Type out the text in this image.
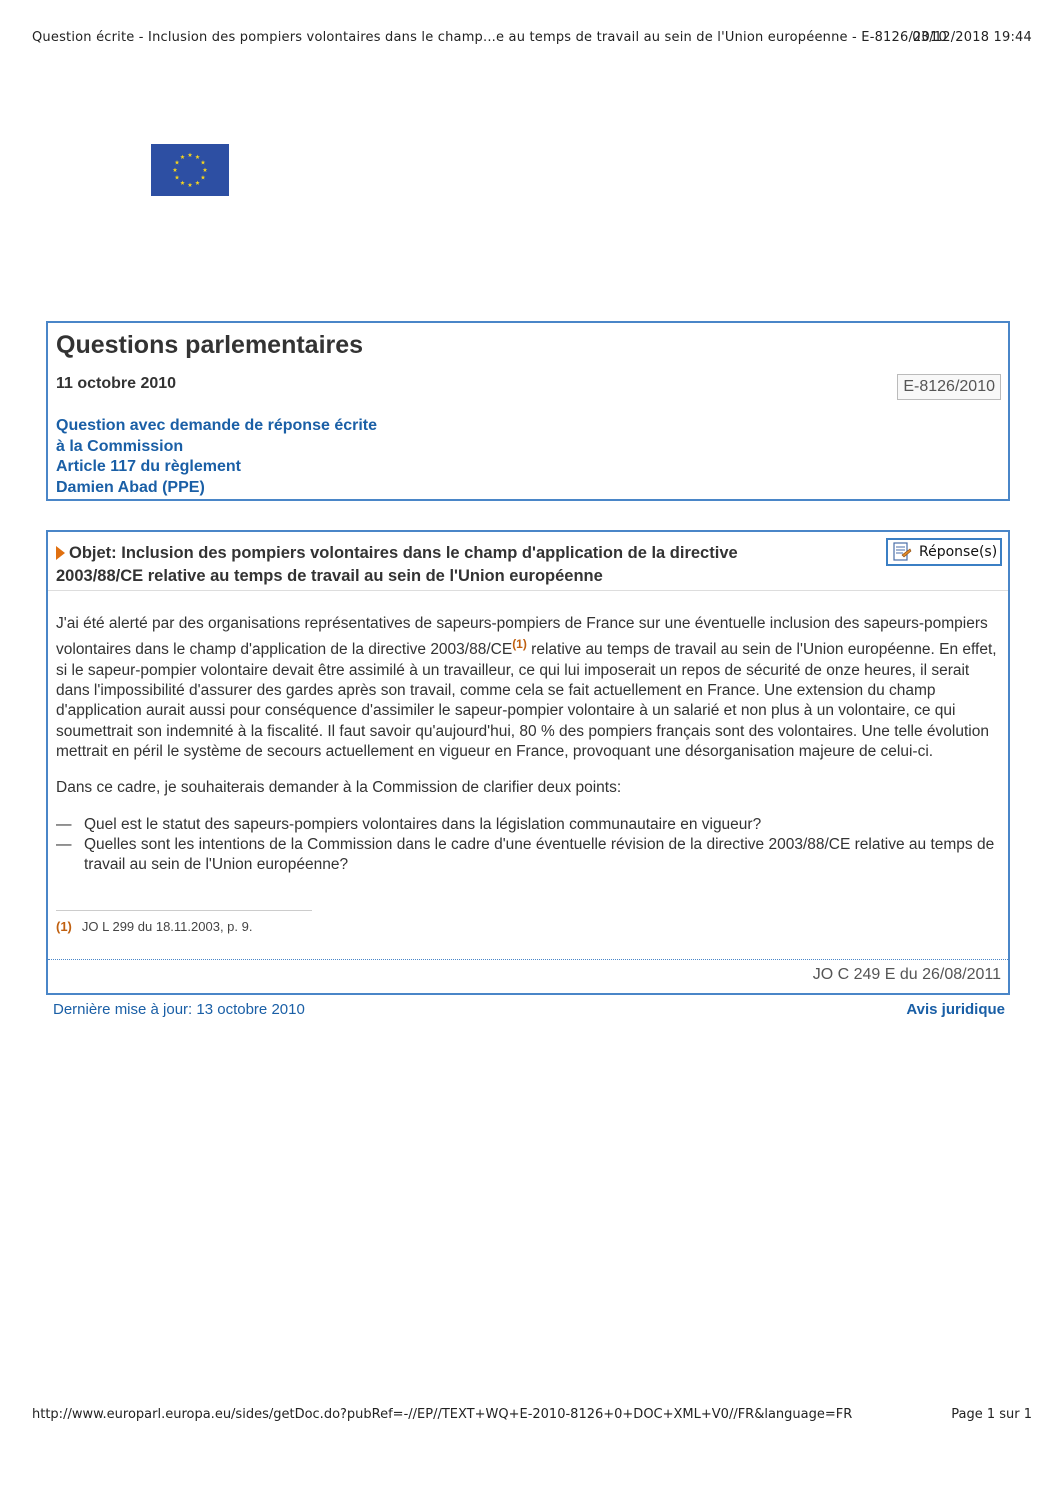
Question écrite - Inclusion des pompiers volontaires dans le champ...e au temps de travail au sein de l'Union européenne - E-8126/2010
03/12/2018 19:44
Questions parlementaires
11 octobre 2010	E-8126/2010
Question avec demande de réponse écrite
à la Commission
Article 117 du règlement
Damien Abad (PPE)
Objet: Inclusion des pompiers volontaires dans le champ d'application de la directive
2003/88/CE relative au temps de travail au sein de l'Union européenne
Réponse(s)

J'ai été alerté par des organisations représentatives de sapeurs-pompiers de France sur une éventuelle inclusion des sapeurs-pompiers volontaires dans le champ d'application de la directive 2003/88/CE$^{(1)}$ relative au temps de travail au sein de l'Union européenne. En effet, si le sapeur-pompier volontaire devait être assimilé à un travailleur, ce qui lui imposerait un repos de sécurité de onze heures, il serait dans l'impossibilité d'assurer des gardes après son travail, comme cela se fait actuellement en France. Une extension du champ d'application aurait aussi pour conséquence d'assimiler le sapeur-pompier volontaire à un salarié et non plus à un volontaire, ce qui soumettrait son indemnité à la fiscalité. Il faut savoir qu'aujourd'hui, 80 % des pompiers français sont des volontaires. Une telle évolution mettrait en péril le système de secours actuellement en vigueur en France, provoquant une désorganisation majeure de celui-ci.

Dans ce cadre, je souhaiterais demander à la Commission de clarifier deux points:

— Quel est le statut des sapeurs-pompiers volontaires dans la législation communautaire en vigueur?
— Quelles sont les intentions de la Commission dans le cadre d'une éventuelle révision de la directive 2003/88/CE relative au temps de travail au sein de l'Union européenne?
(1) JO L 299 du 18.11.2003, p. 9.
JO C 249 E du 26/08/2011
Dernière mise à jour: 13 octobre 2010	Avis juridique
http://www.europarl.europa.eu/sides/getDoc.do?pubRef=-//EP//TEXT+WQ+E-2010-8126+0+DOC+XML+V0//FR&language=FR	Page 1 sur 1
